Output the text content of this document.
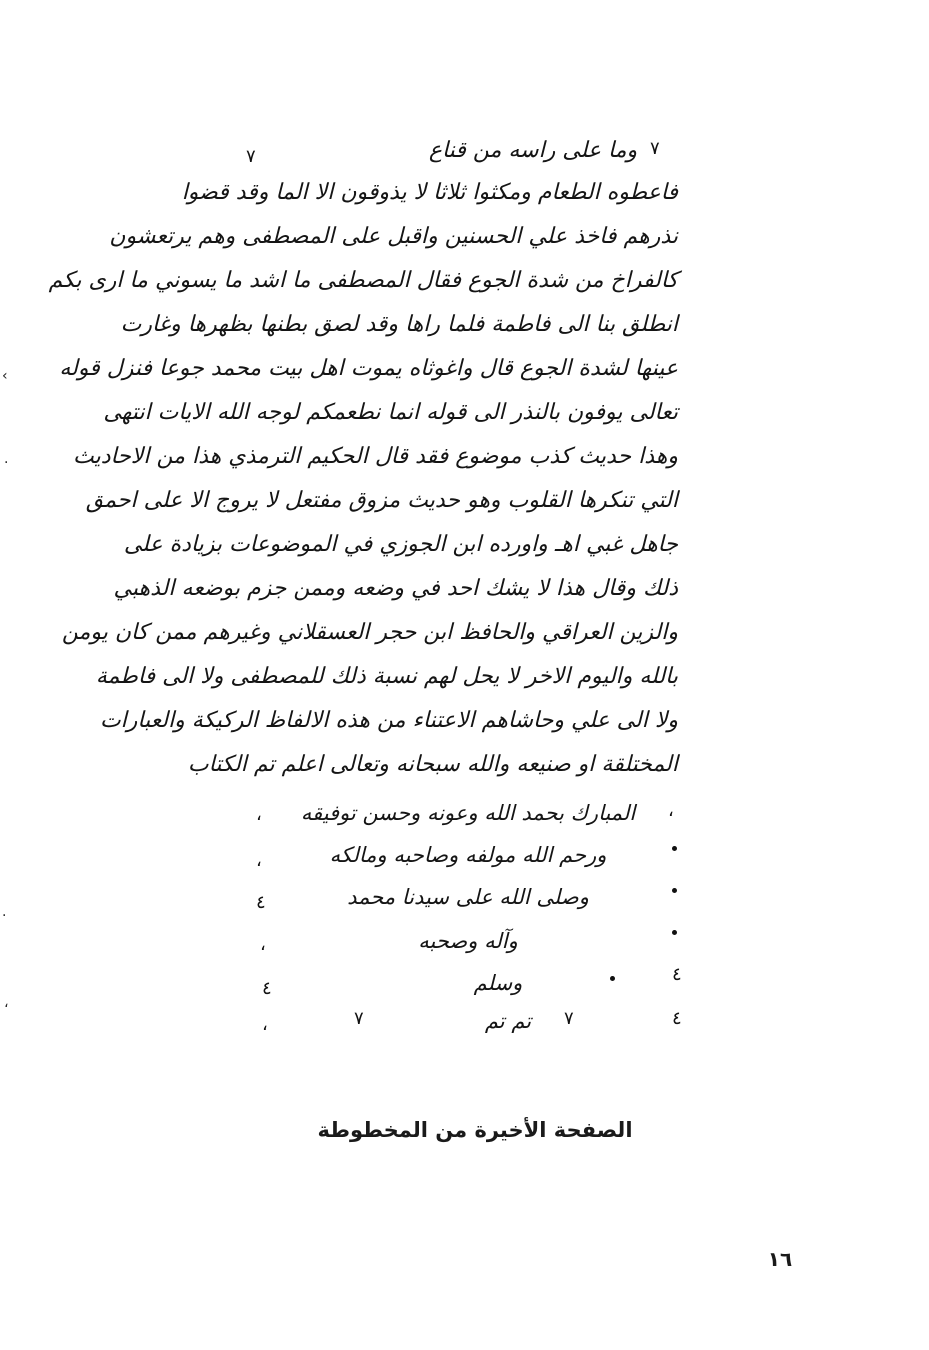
٧	٧
وما على راسه من قناع
فاعطوه الطعام ومكثوا ثلاثا لا يذوقون الا الما وقد قضوا
نذرهم فاخذ علي الحسنين واقبل على المصطفى وهم يرتعشون
كالفراخ من شدة الجوع فقال المصطفى ما اشد ما يسوني ما ارى بكم
انطلق بنا الى فاطمة فلما راها وقد لصق بطنها بظهرها وغارت
عينها لشدة الجوع قال واغوثاه يموت اهل بيت محمد جوعا فنزل قوله
تعالى يوفون بالنذر الى قوله انما نطعمكم لوجه الله الايات انتهى
وهذا حديث كذب موضوع فقد قال الحكيم الترمذي هذا من الاحاديث
التي تنكرها القلوب وهو حديث مزوق مفتعل لا يروج الا على احمق
جاهل غبي اهـ واورده ابن الجوزي في الموضوعات بزيادة على
ذلك وقال هذا لا يشك احد في وضعه وممن جزم بوضعه الذهبي
والزين العراقي والحافظ ابن حجر العسقلاني وغيرهم ممن كان يومن
بالله واليوم الاخر لا يحل لهم نسبة ذلك للمصطفى ولا الى فاطمة
ولا الى علي وحاشاهم الاعتناء من هذه الالفاظ الركيكة والعبارات
المختلقة او صنيعه والله سبحانه وتعالى اعلم تم الكتاب
،	،
المبارك بحمد الله وعونه وحسن توفيقه
،	ورحم الله مولفه وصاحبه ومالكه
٤	وصلى الله على سيدنا محمد
،	وآله وصحبه
٤
٤
وسلم
،	٧	٧	٤
تم تم
‹
·
·
،
الصفحة الأخيرة من المخطوطة
١٦
